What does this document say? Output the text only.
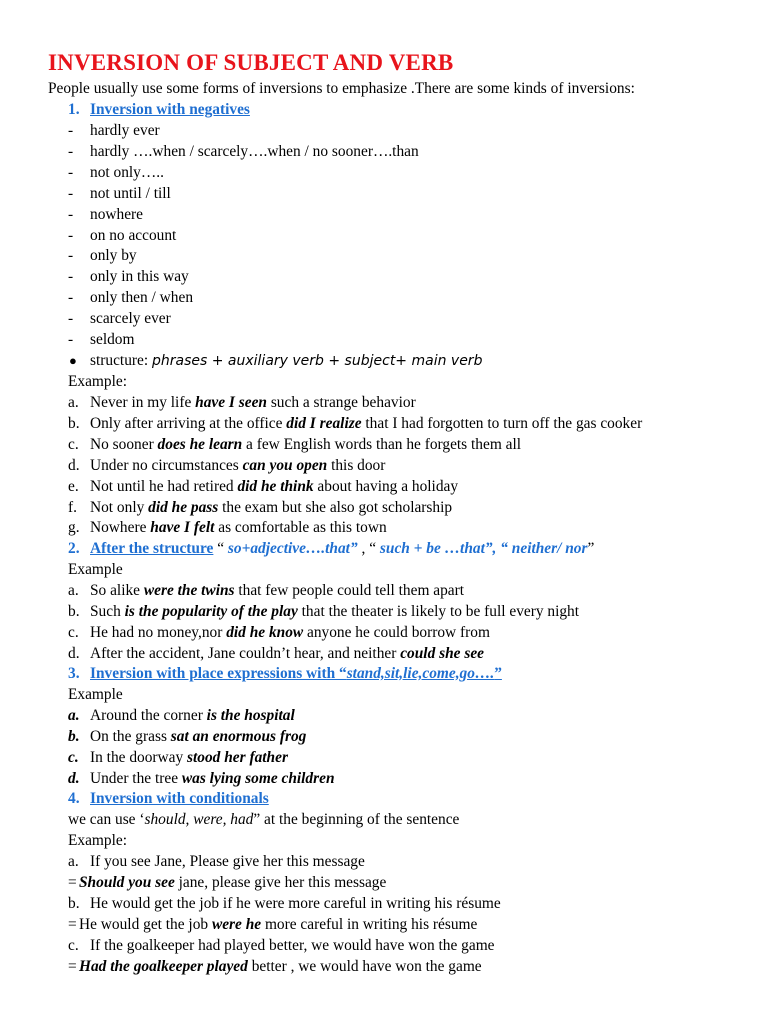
INVERSION OF SUBJECT AND VERB
People usually use some forms of inversions to emphasize .There are some kinds of inversions:
1. Inversion with negatives
- hardly ever
- hardly ….when / scarcely….when / no sooner….than
- not only…..
- not until / till
- nowhere
- on no account
- only by
- only in this way
- only then / when
- scarcely ever
- seldom
● structure: phrases + auxiliary verb + subject+ main verb
Example:
a. Never in my life have I seen such a strange behavior
b. Only after arriving at the office did I realize that I had forgotten to turn off the gas cooker
c. No sooner does he learn a few English words than he forgets them all
d. Under no circumstances can you open this door
e. Not until he had retired did he think about having a holiday
f. Not only did he pass the exam but she also got scholarship
g. Nowhere have I felt as comfortable as this town
2. After the structure “ so+adjective….that” , “ such + be …that”, “ neither/ nor”
Example
a. So alike were the twins that few people could tell them apart
b. Such is the popularity of the play that the theater is likely to be full every night
c. He had no money,nor did he know anyone he could borrow from
d. After the accident, Jane couldn’t hear, and neither could she see
3. Inversion with place expressions with “stand,sit,lie,come,go….”
Example
a. Around the corner is the hospital
b. On the grass sat an enormous frog
c. In the doorway stood her father
d. Under the tree was lying some children
4. Inversion with conditionals
we can use ‘should, were, had” at the beginning of the sentence
Example:
a. If you see Jane, Please give her this message
= Should you see jane, please give her this message
b. He would get the job if he were more careful in writing his résume
= He would get the job were he more careful in writing his résume
c. If the goalkeeper had played better, we would have won the game
= Had the goalkeeper played better , we would have won the game
